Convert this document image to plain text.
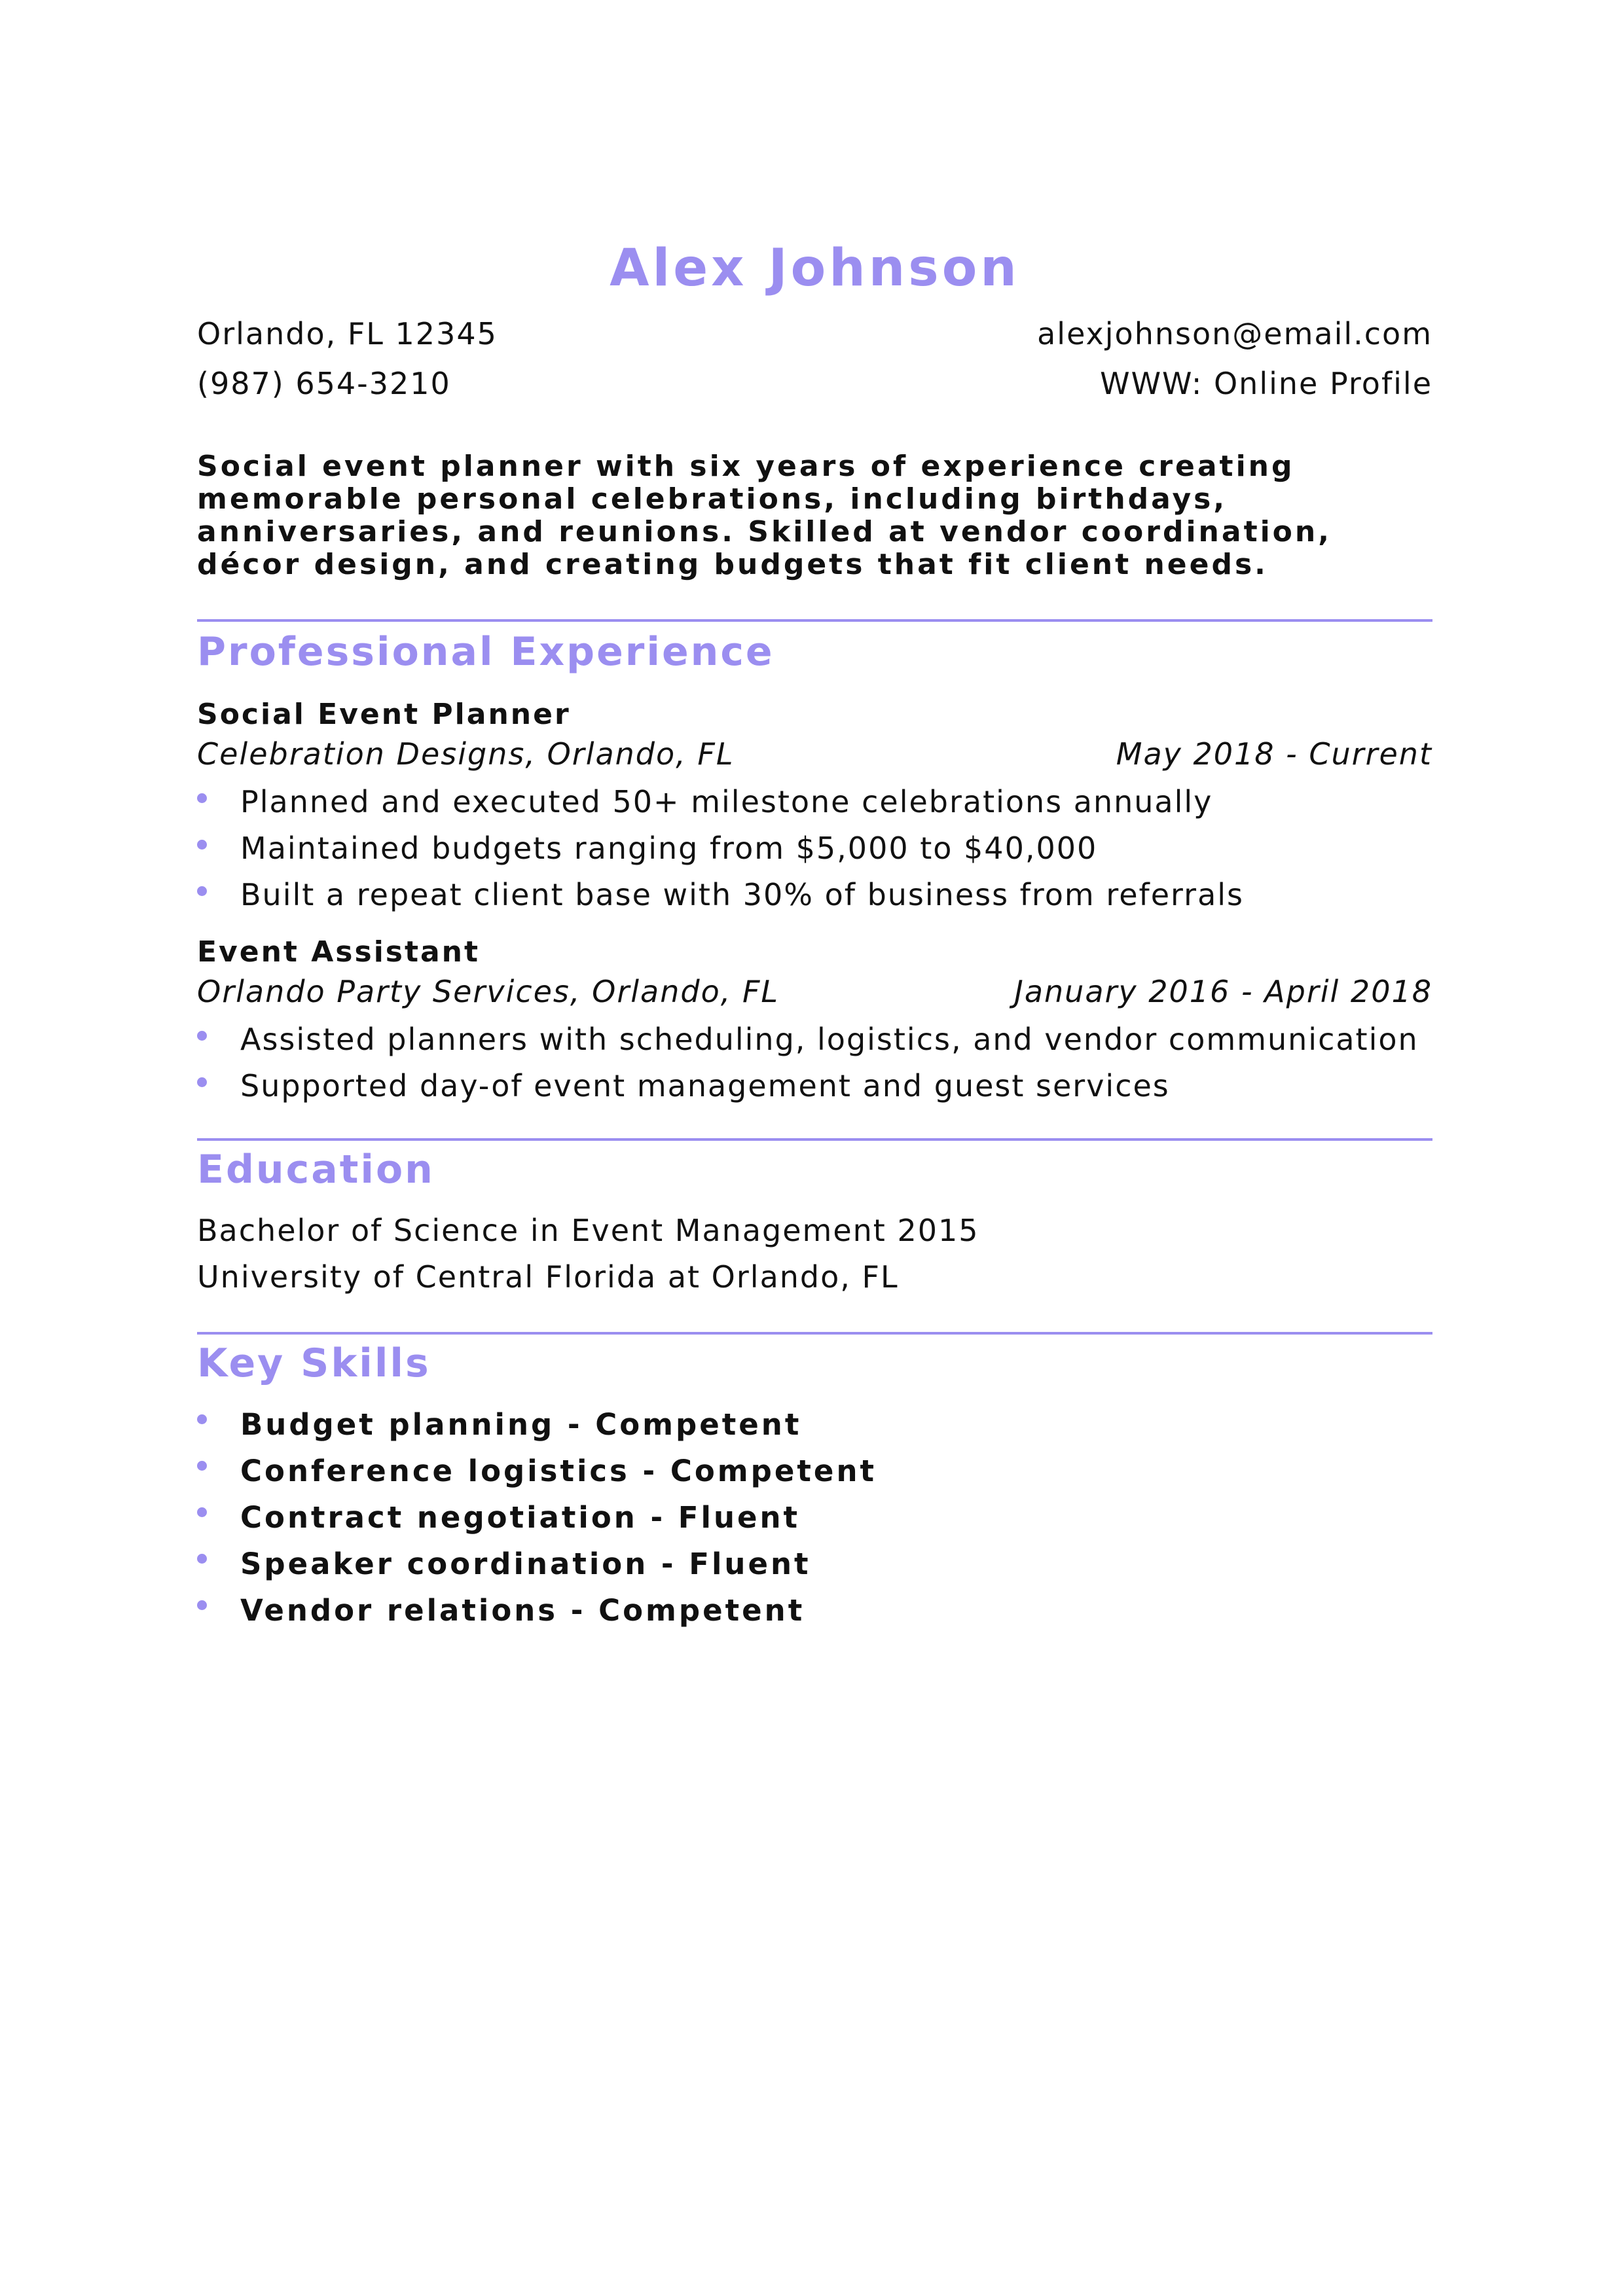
Alex Johnson
Orlando, FL 12345	alexjohnson@email.com
(987) 654-3210	WWW: Online Profile
Social event planner with six years of experience creating memorable personal celebrations, including birthdays, anniversaries, and reunions. Skilled at vendor coordination, décor design, and creating budgets that fit client needs.
Professional Experience
Social Event Planner
Celebration Designs, Orlando, FL	May 2018 - Current
Planned and executed 50+ milestone celebrations annually
Maintained budgets ranging from $5,000 to $40,000
Built a repeat client base with 30% of business from referrals
Event Assistant
Orlando Party Services, Orlando, FL	January 2016 - April 2018
Assisted planners with scheduling, logistics, and vendor communication
Supported day-of event management and guest services
Education
Bachelor of Science in Event Management 2015
University of Central Florida at Orlando, FL
Key Skills
Budget planning - Competent
Conference logistics - Competent
Contract negotiation - Fluent
Speaker coordination - Fluent
Vendor relations - Competent
